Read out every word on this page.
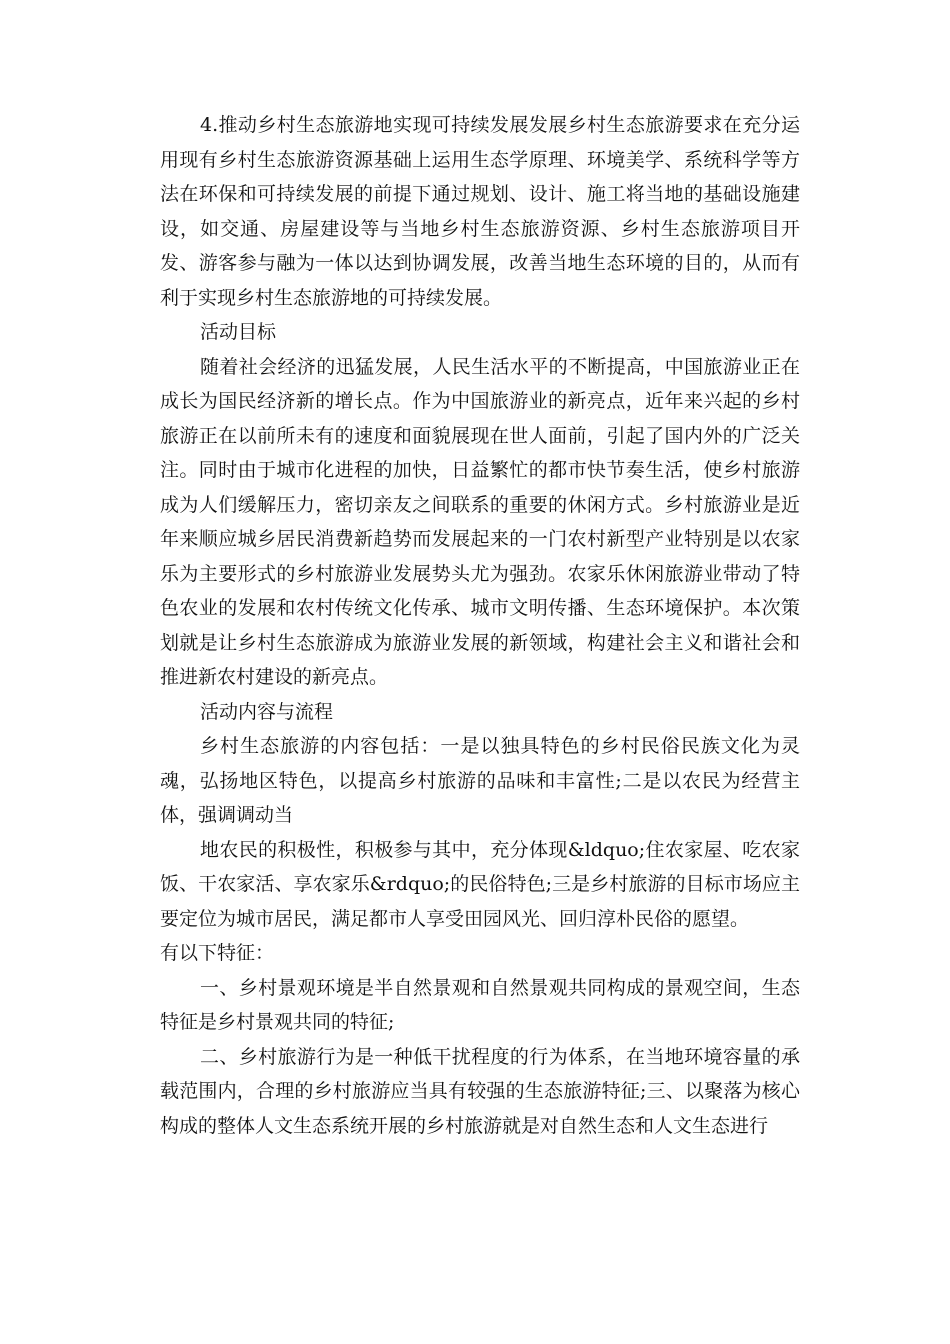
4.推动乡村生态旅游地实现可持续发展发展乡村生态旅游要求在充分运用现有乡村生态旅游资源基础上运用生态学原理、环境美学、系统科学等方法在环保和可持续发展的前提下通过规划、设计、施工将当地的基础设施建设，如交通、房屋建设等与当地乡村生态旅游资源、乡村生态旅游项目开发、游客参与融为一体以达到协调发展，改善当地生态环境的目的，从而有利于实现乡村生态旅游地的可持续发展。

活动目标

随着社会经济的迅猛发展，人民生活水平的不断提高，中国旅游业正在成长为国民经济新的增长点。作为中国旅游业的新亮点，近年来兴起的乡村旅游正在以前所未有的速度和面貌展现在世人面前，引起了国内外的广泛关注。同时由于城市化进程的加快，日益繁忙的都市快节奏生活，使乡村旅游成为人们缓解压力，密切亲友之间联系的重要的休闲方式。乡村旅游业是近年来顺应城乡居民消费新趋势而发展起来的一门农村新型产业特别是以农家乐为主要形式的乡村旅游业发展势头尤为强劲。农家乐休闲旅游业带动了特色农业的发展和农村传统文化传承、城市文明传播、生态环境保护。本次策划就是让乡村生态旅游成为旅游业发展的新领域，构建社会主义和谐社会和推进新农村建设的新亮点。

活动内容与流程

乡村生态旅游的内容包括：一是以独具特色的乡村民俗民族文化为灵魂，弘扬地区特色，以提高乡村旅游的品味和丰富性;二是以农民为经营主体，强调调动当

地农民的积极性，积极参与其中，充分体现&ldquo;住农家屋、吃农家饭、干农家活、享农家乐&rdquo;的民俗特色;三是乡村旅游的目标市场应主要定位为城市居民，满足都市人享受田园风光、回归淳朴民俗的愿望。

有以下特征：

一、乡村景观环境是半自然景观和自然景观共同构成的景观空间，生态特征是乡村景观共同的特征;

二、乡村旅游行为是一种低干扰程度的行为体系，在当地环境容量的承载范围内，合理的乡村旅游应当具有较强的生态旅游特征;三、以聚落为核心构成的整体人文生态系统开展的乡村旅游就是对自然生态和人文生态进行
